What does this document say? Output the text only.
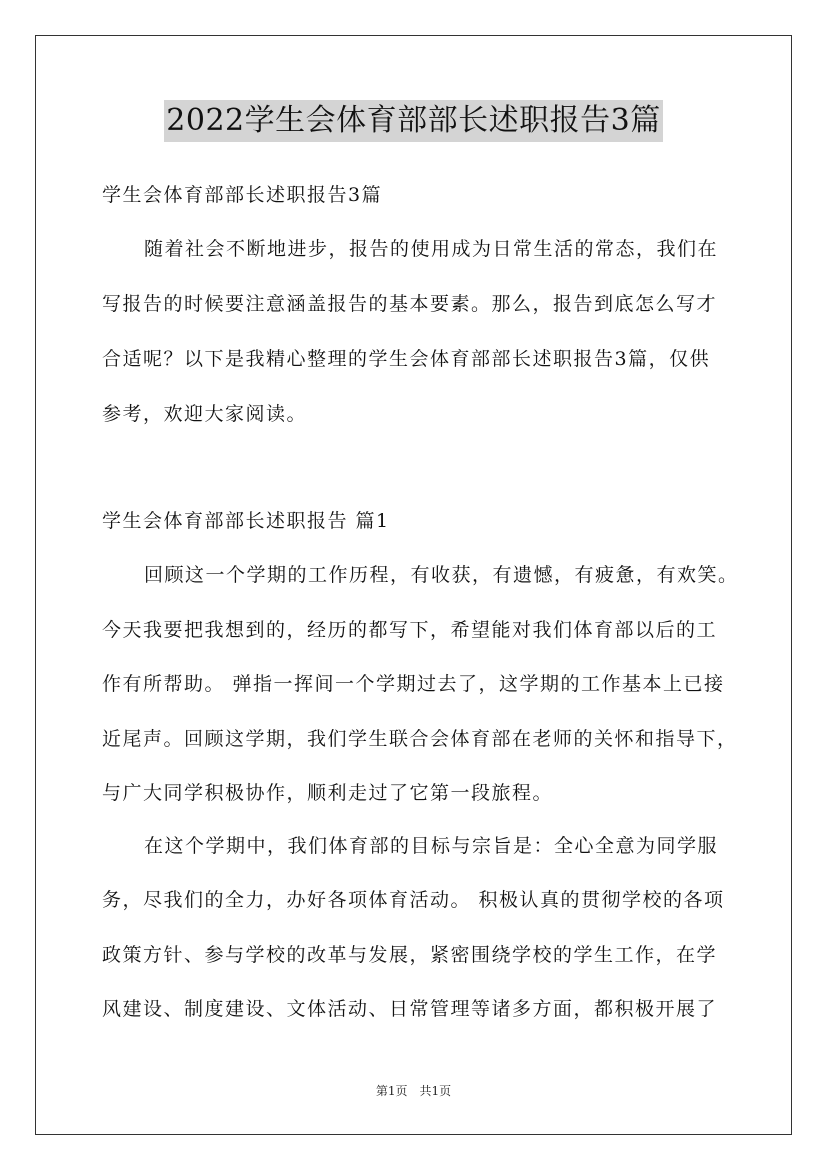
2022学生会体育部部长述职报告3篇
学生会体育部部长述职报告3篇
随着社会不断地进步，报告的使用成为日常生活的常态，我们在
写报告的时候要注意涵盖报告的基本要素。那么，报告到底怎么写才
合适呢？以下是我精心整理的学生会体育部部长述职报告3篇，仅供
参考，欢迎大家阅读。
学生会体育部部长述职报告 篇1
回顾这一个学期的工作历程，有收获，有遗憾，有疲惫，有欢笑。
今天我要把我想到的，经历的都写下，希望能对我们体育部以后的工
作有所帮助。 弹指一挥间一个学期过去了，这学期的工作基本上已接
近尾声。回顾这学期，我们学生联合会体育部在老师的关怀和指导下，
与广大同学积极协作，顺利走过了它第一段旅程。
在这个学期中，我们体育部的目标与宗旨是：全心全意为同学服
务，尽我们的全力，办好各项体育活动。 积极认真的贯彻学校的各项
政策方针、参与学校的改革与发展，紧密围绕学校的学生工作，在学
风建设、制度建设、文体活动、日常管理等诸多方面，都积极开展了
第1页 共1页
